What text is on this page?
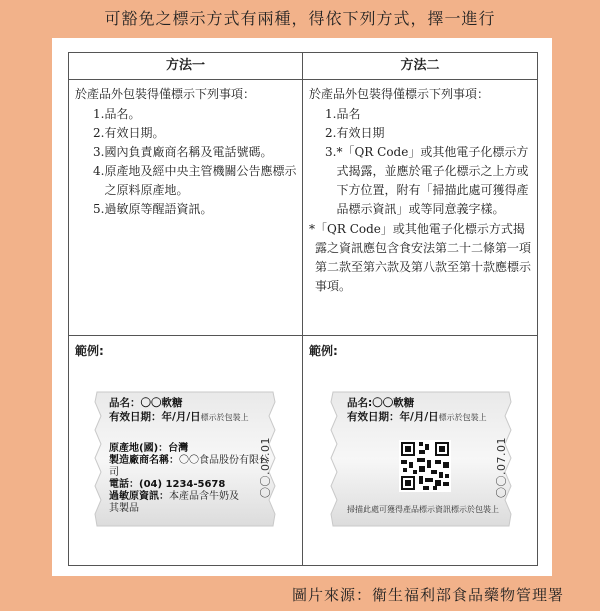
可豁免之標示方式有兩種，得依下列方式，擇一進行
方法一	方法二
於產品外包裝得僅標示下列事項：
1. 品名。
2. 有效日期。
3. 國內負責廠商名稱及電話號碼。
4. 原產地及經中央主管機關公告應標示之原料原產地。
5. 過敏原等醒語資訊。
於產品外包裝得僅標示下列事項：
1. 品名
2. 有效日期
3. *「QR Code」或其他電子化標示方式揭露，並應於電子化標示之上方或下方位置，附有「掃描此處可獲得產品標示資訊」或等同意義字樣。
* 「QR Code」或其他電子化標示方式揭露之資訊應包含食安法第二十二條第一項第二款至第六款及第八款至第十款應標示事項。
範例:	範例:
品名：〇〇軟糖
有效日期：年/月/日標示於包裝上
原產地(國)：台灣
製造廠商名稱：〇〇食品股份有限公司
電話：(04) 1234-5678
過敏原資訊：本產品含牛奶及其製品
〇〇.07.01
品名:〇〇軟糖
有效日期：年/月/日標示於包裝上
掃描此處可獲得產品標示資訊標示於包裝上
〇〇.07.01
圖片來源：衛生福利部食品藥物管理署
